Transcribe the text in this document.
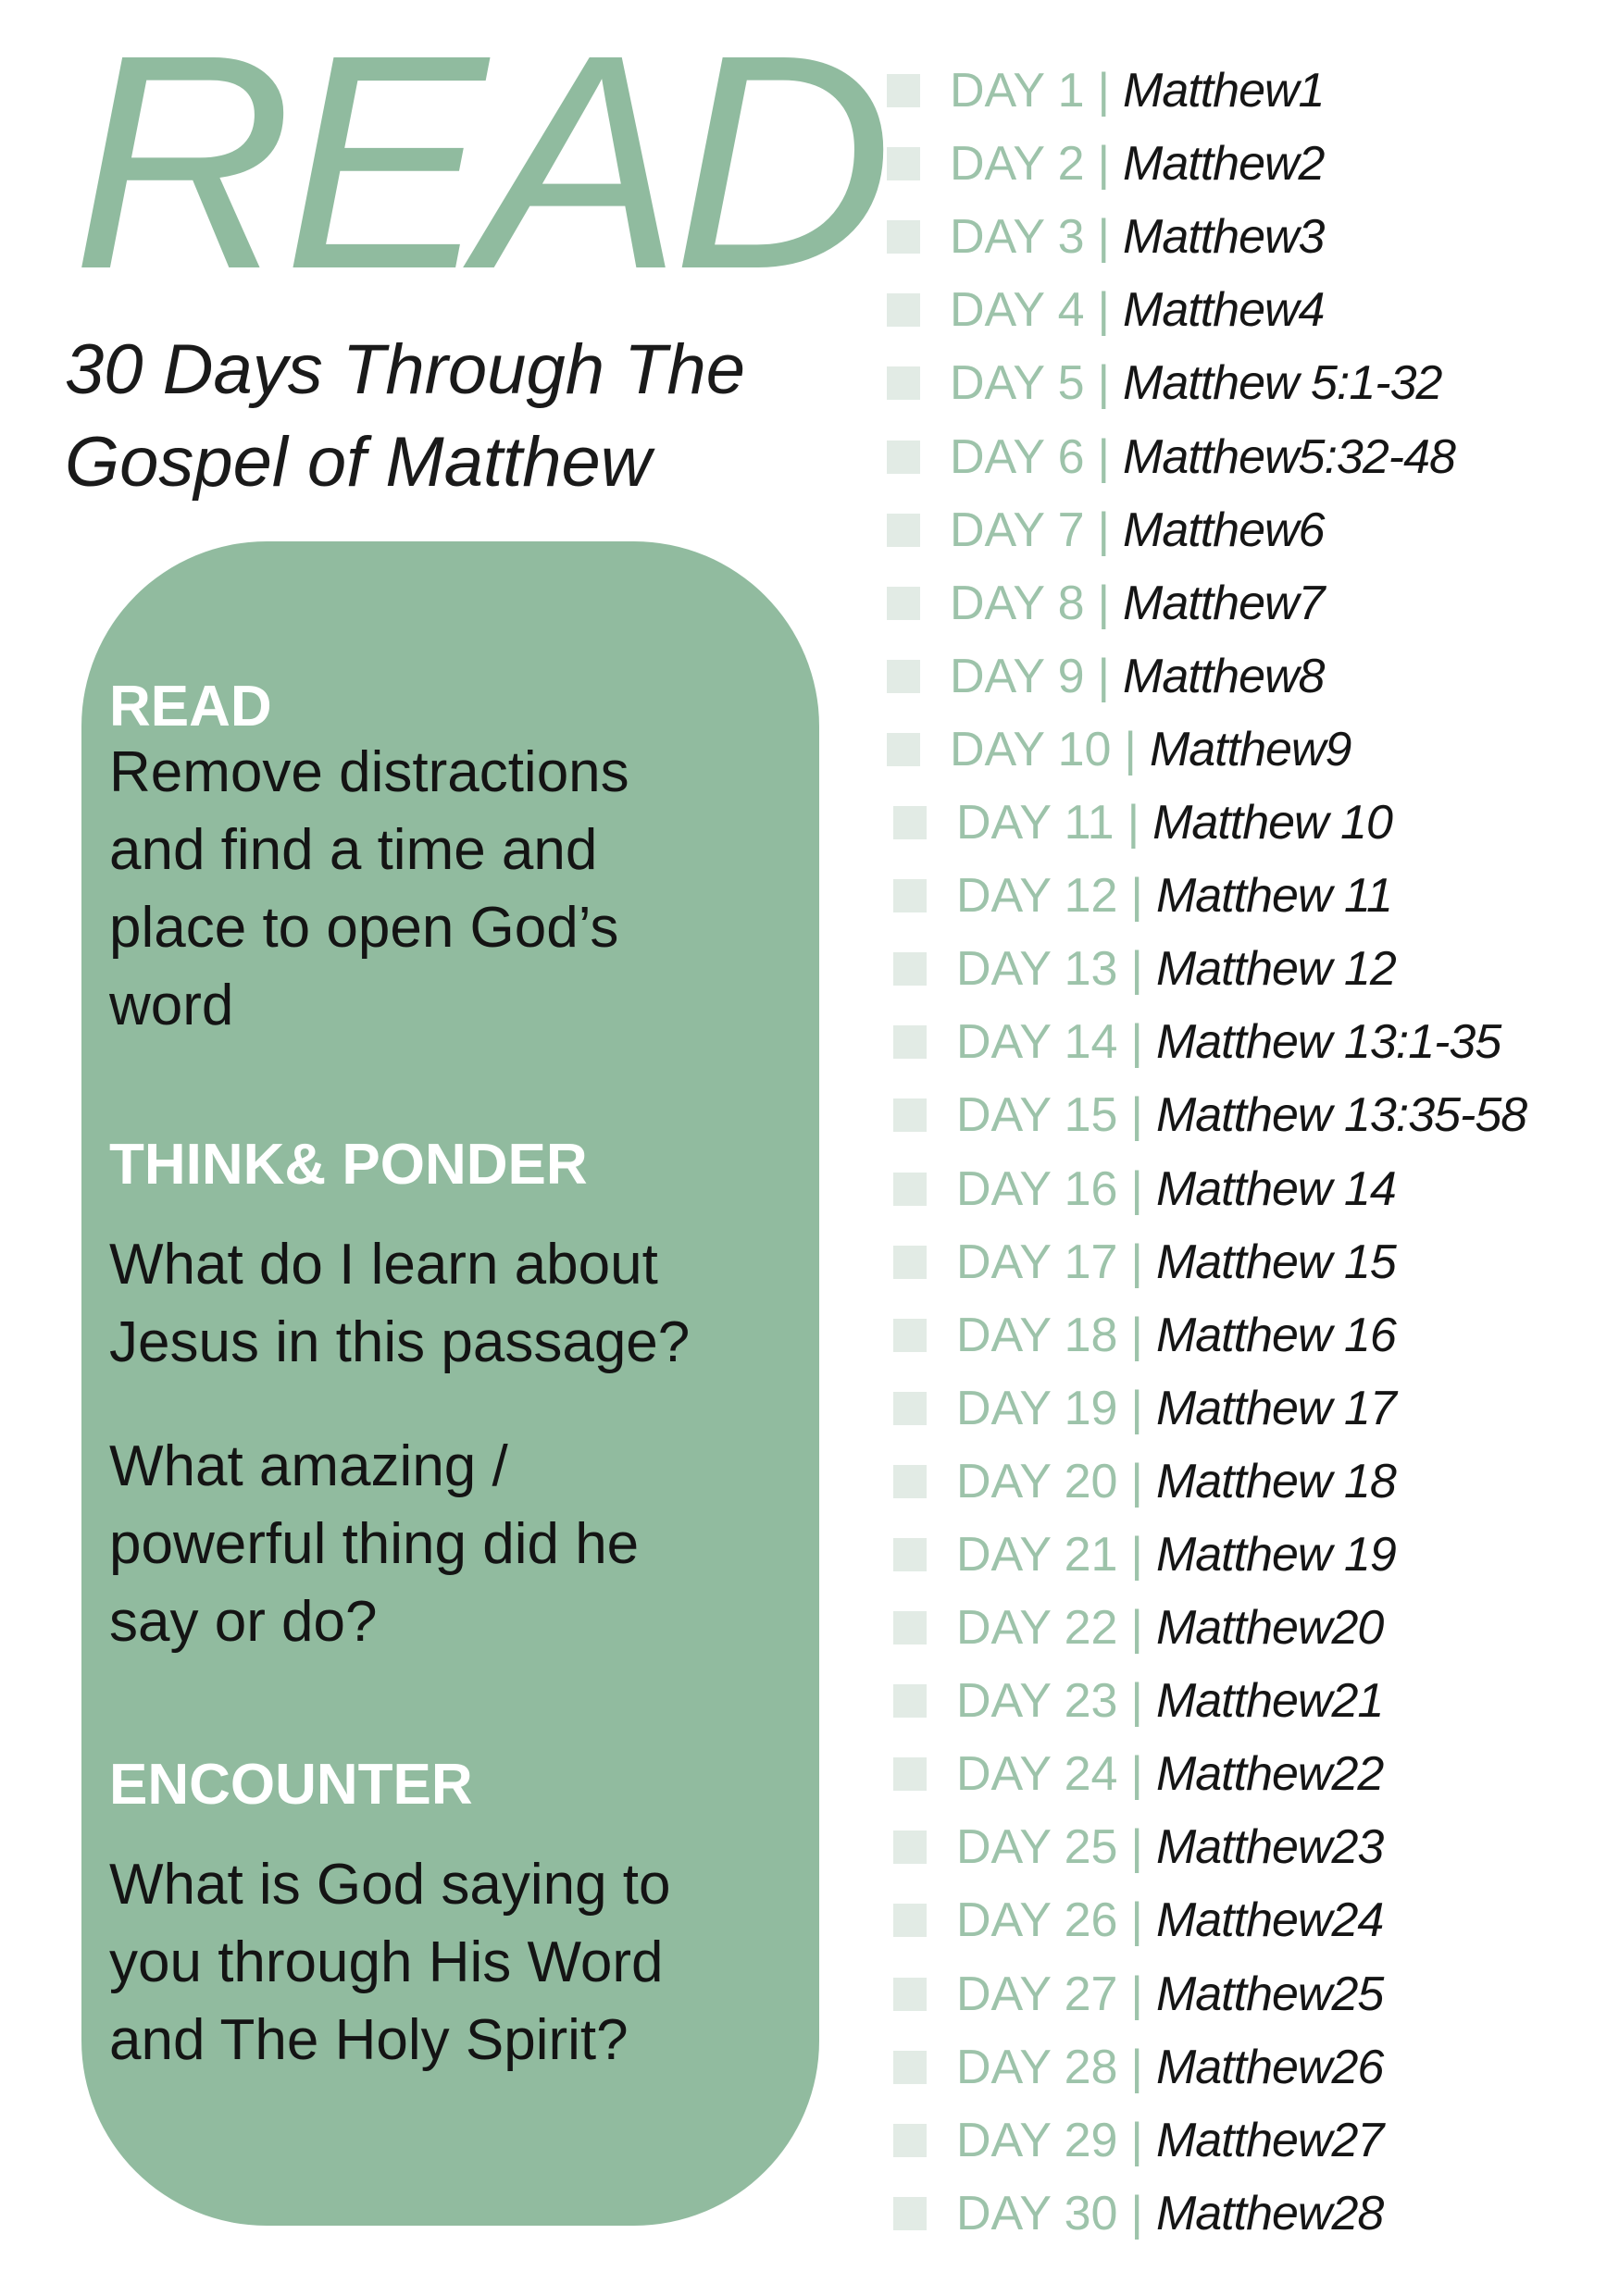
READ
30 Days Through The
Gospel of Matthew
READ
Remove distractions
and find a time and
place to open God’s
word
THINK& PONDER
What do I learn about
Jesus in this passage?
What amazing /
powerful thing did he
say or do?
ENCOUNTER
What is God saying to
you through His Word
and The Holy Spirit?
DAY 1 | Matthew1
DAY 2 | Matthew2
DAY 3 | Matthew3
DAY 4 | Matthew4
DAY 5 | Matthew 5:1-32
DAY 6 | Matthew5:32-48
DAY 7 | Matthew6
DAY 8 | Matthew7
DAY 9 | Matthew8
DAY 10 | Matthew9
DAY 11 | Matthew 10
DAY 12 | Matthew 11
DAY 13 | Matthew 12
DAY 14 | Matthew 13:1-35
DAY 15 | Matthew 13:35-58
DAY 16 | Matthew 14
DAY 17 | Matthew 15
DAY 18 | Matthew 16
DAY 19 | Matthew 17
DAY 20 | Matthew 18
DAY 21 | Matthew 19
DAY 22 | Matthew20
DAY 23 | Matthew21
DAY 24 | Matthew22
DAY 25 | Matthew23
DAY 26 | Matthew24
DAY 27 | Matthew25
DAY 28 | Matthew26
DAY 29 | Matthew27
DAY 30 | Matthew28
